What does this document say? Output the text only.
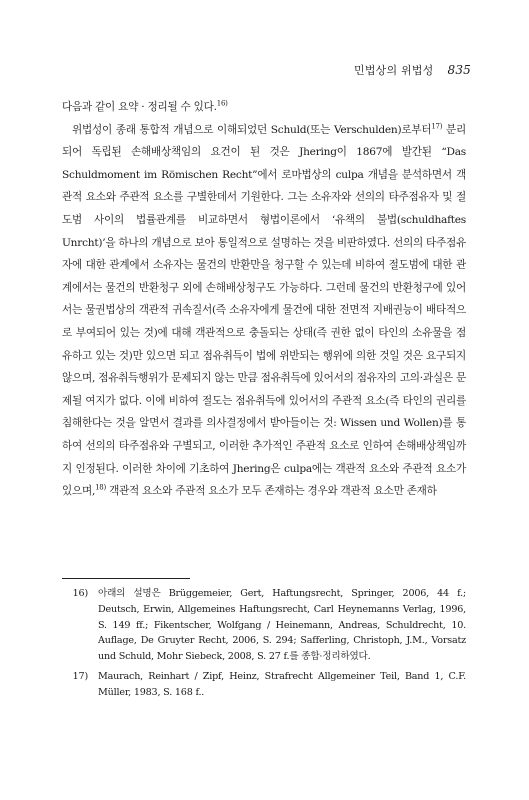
민법상의 위법성 835

다음과 같이 요약 · 정리될 수 있다.$^{16)}$

위법성이 종래 통합적 개념으로 이해되었던 Schuld(또는 Verschulden)로부터$^{17)}$ 분리되어 독립된 손해배상책임의 요건이 된 것은 Jhering이 1867에 발간된 “Das Schuldmoment im Römischen Recht”에서 로마법상의 culpa 개념을 분석하면서 객관적 요소와 주관적 요소를 구별한데서 기원한다. 그는 소유자와 선의의 타주점유자 및 절도범 사이의 법률관계를 비교하면서 형법이론에서 ‘유책의 불법(schuldhaftes Unrcht)’을 하나의 개념으로 보아 통일적으로 설명하는 것을 비판하였다. 선의의 타주점유자에 대한 관계에서 소유자는 물건의 반환만을 청구할 수 있는데 비하여 절도범에 대한 관계에서는 물건의 반환청구 외에 손해배상청구도 가능하다. 그런데 물건의 반환청구에 있어서는 물권법상의 객관적 귀속질서(즉 소유자에게 물건에 대한 전면적 지배권능이 배타적으로 부여되어 있는 것)에 대해 객관적으로 충돌되는 상태(즉 권한 없이 타인의 소유물을 점유하고 있는 것)만 있으면 되고 점유취득이 법에 위반되는 행위에 의한 것일 것은 요구되지 않으며, 점유취득행위가 문제되지 않는 만큼 점유취득에 있어서의 점유자의 고의·과실은 문제될 여지가 없다. 이에 비하여 절도는 점유취득에 있어서의 주관적 요소(즉 타인의 권리를 침해한다는 것을 알면서 결과를 의사결정에서 받아들이는 것: Wissen und Wollen)를 통하여 선의의 타주점유와 구별되고, 이러한 추가적인 주관적 요소로 인하여 손해배상책임까지 인정된다. 이러한 차이에 기초하여 Jhering은 culpa에는 객관적 요소와 주관적 요소가 있으며,$^{18)}$ 객관적 요소와 주관적 요소가 모두 존재하는 경우와 객관적 요소만 존재하

16)	아래의 설명은 Brüggemeier, Gert, Haftungsrecht, Springer, 2006, 44 f.; Deutsch, Erwin, Allgemeines Haftungsrecht, Carl Heynemanns Verlag, 1996, S. 149 ff.; Fikentscher, Wolfgang / Heinemann, Andreas, Schuldrecht, 10. Auflage, De Gruyter Recht, 2006, S. 294; Safferling, Christoph, J.M., Vorsatz und Schuld, Mohr Siebeck, 2008, S. 27 f.를 종합·정리하였다.
17)	Maurach, Reinhart / Zipf, Heinz, Strafrecht Allgemeiner Teil, Band 1, C.F. Müller, 1983, S. 168 f..
